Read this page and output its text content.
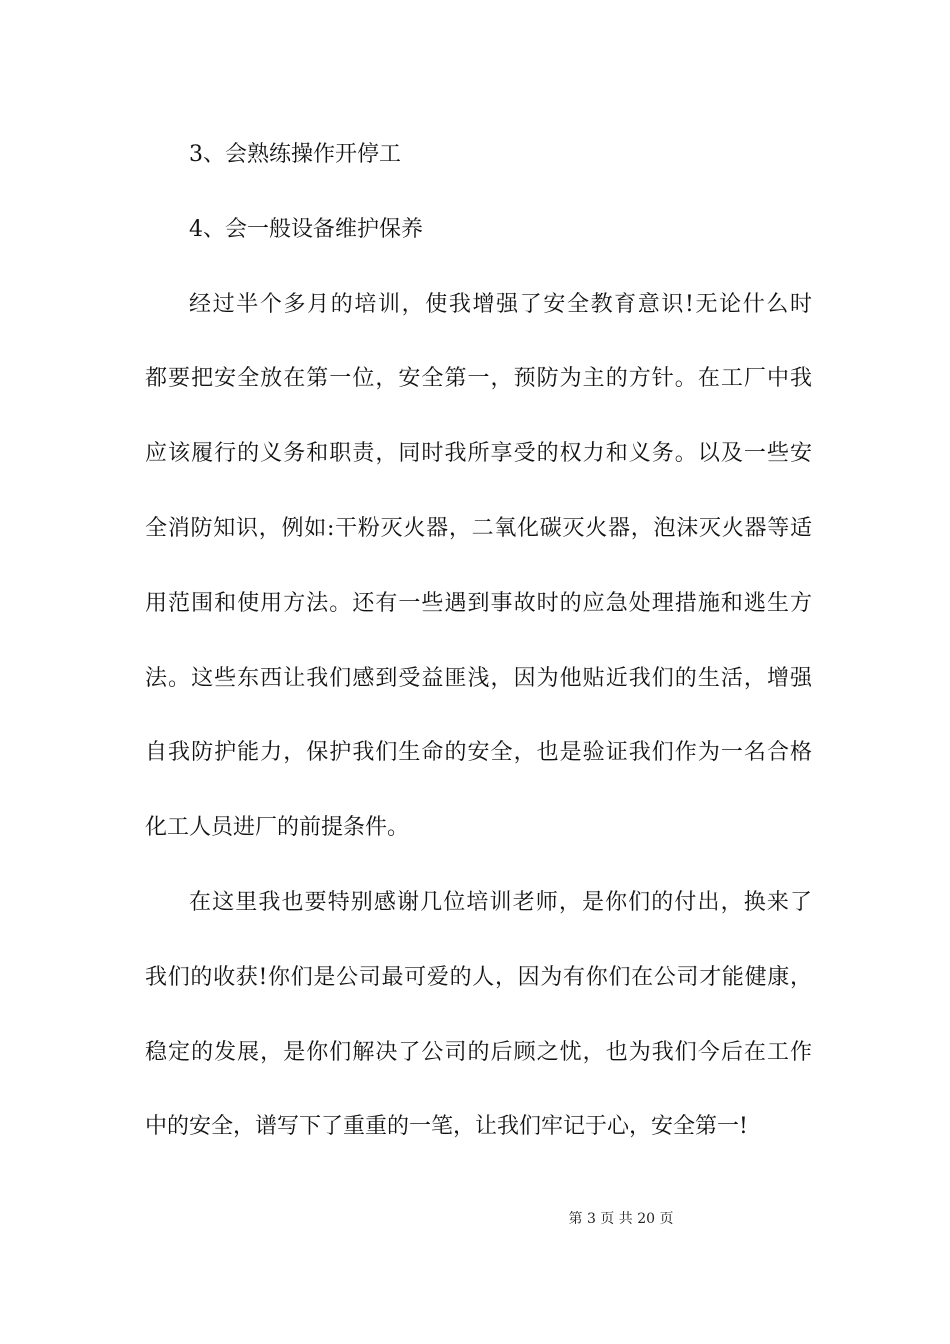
3、会熟练操作开停工
4、会一般设备维护保养
经过半个多月的培训，使我增强了安全教育意识!无论什么时
都要把安全放在第一位，安全第一，预防为主的方针。在工厂中我
应该履行的义务和职责，同时我所享受的权力和义务。以及一些安
全消防知识，例如:干粉灭火器，二氧化碳灭火器，泡沫灭火器等适
用范围和使用方法。还有一些遇到事故时的应急处理措施和逃生方
法。这些东西让我们感到受益匪浅，因为他贴近我们的生活，增强
自我防护能力，保护我们生命的安全，也是验证我们作为一名合格
化工人员进厂的前提条件。
在这里我也要特别感谢几位培训老师，是你们的付出，换来了
我们的收获!你们是公司最可爱的人，因为有你们在公司才能健康，
稳定的发展，是你们解决了公司的后顾之忧，也为我们今后在工作
中的安全，谱写下了重重的一笔，让我们牢记于心，安全第一!
第 3 页 共 20 页
